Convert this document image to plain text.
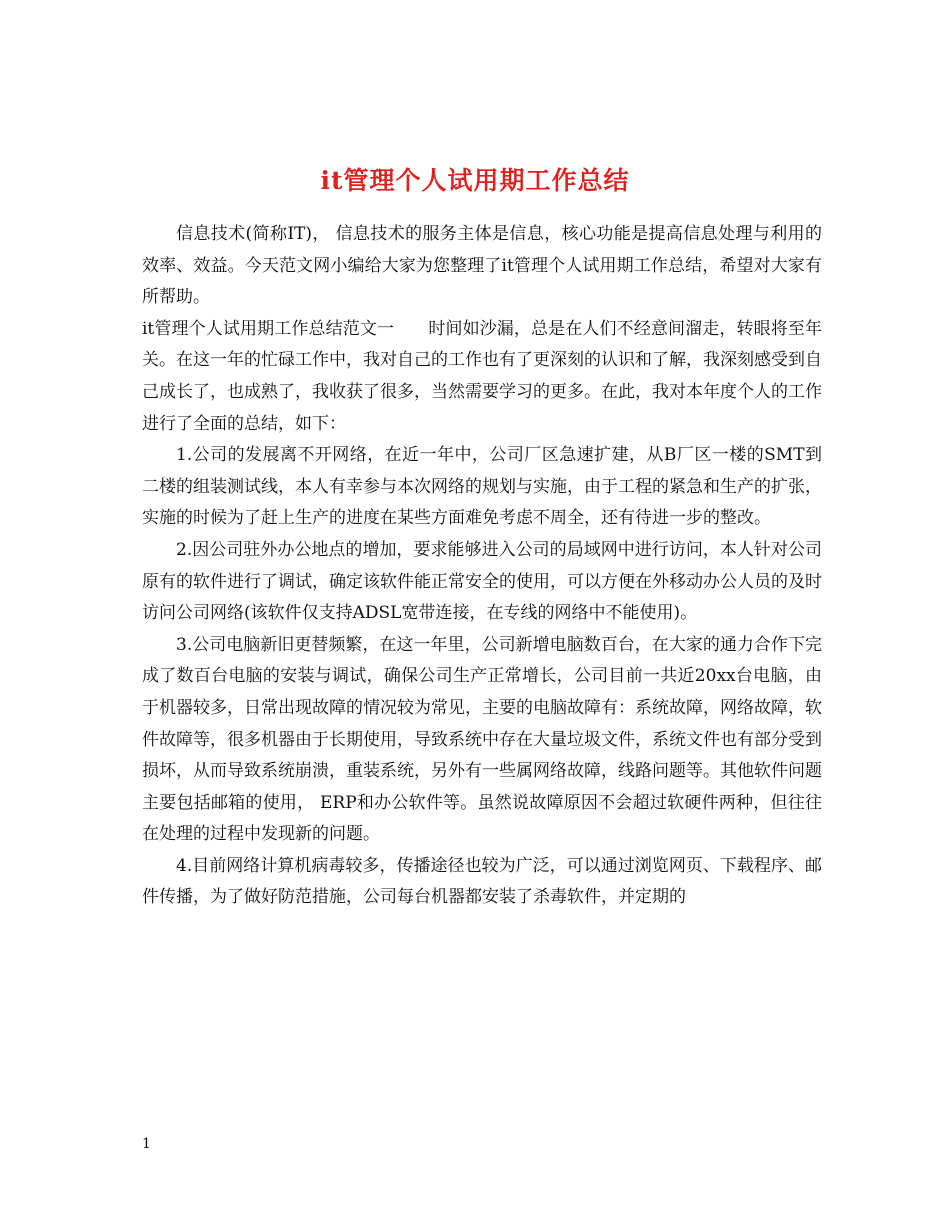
it管理个人试用期工作总结

信息技术(简称IT)， 信息技术的服务主体是信息，核心功能是提高信息处理与利用的效率、效益。今天范文网小编给大家为您整理了it管理个人试用期工作总结，希望对大家有所帮助。

it管理个人试用期工作总结范文一　　时间如沙漏，总是在人们不经意间溜走，转眼将至年关。在这一年的忙碌工作中，我对自己的工作也有了更深刻的认识和了解，我深刻感受到自己成长了，也成熟了，我收获了很多，当然需要学习的更多。在此，我对本年度个人的工作进行了全面的总结，如下：

1.公司的发展离不开网络，在近一年中，公司厂区急速扩建，从B厂区一楼的SMT到二楼的组装测试线，本人有幸参与本次网络的规划与实施，由于工程的紧急和生产的扩张，实施的时候为了赶上生产的进度在某些方面难免考虑不周全，还有待进一步的整改。

2.因公司驻外办公地点的增加，要求能够进入公司的局域网中进行访问，本人针对公司原有的软件进行了调试，确定该软件能正常安全的使用，可以方便在外移动办公人员的及时访问公司网络(该软件仅支持ADSL宽带连接，在专线的网络中不能使用)。

3.公司电脑新旧更替频繁，在这一年里，公司新增电脑数百台，在大家的通力合作下完成了数百台电脑的安装与调试，确保公司生产正常增长，公司目前一共近20xx台电脑，由于机器较多，日常出现故障的情况较为常见，主要的电脑故障有：系统故障，网络故障，软件故障等，很多机器由于长期使用，导致系统中存在大量垃圾文件，系统文件也有部分受到损坏，从而导致系统崩溃，重装系统，另外有一些属网络故障，线路问题等。其他软件问题主要包括邮箱的使用， ERP和办公软件等。虽然说故障原因不会超过软硬件两种，但往往在处理的过程中发现新的问题。

4.目前网络计算机病毒较多，传播途径也较为广泛，可以通过浏览网页、下载程序、邮件传播，为了做好防范措施，公司每台机器都安装了杀毒软件，并定期的

1
